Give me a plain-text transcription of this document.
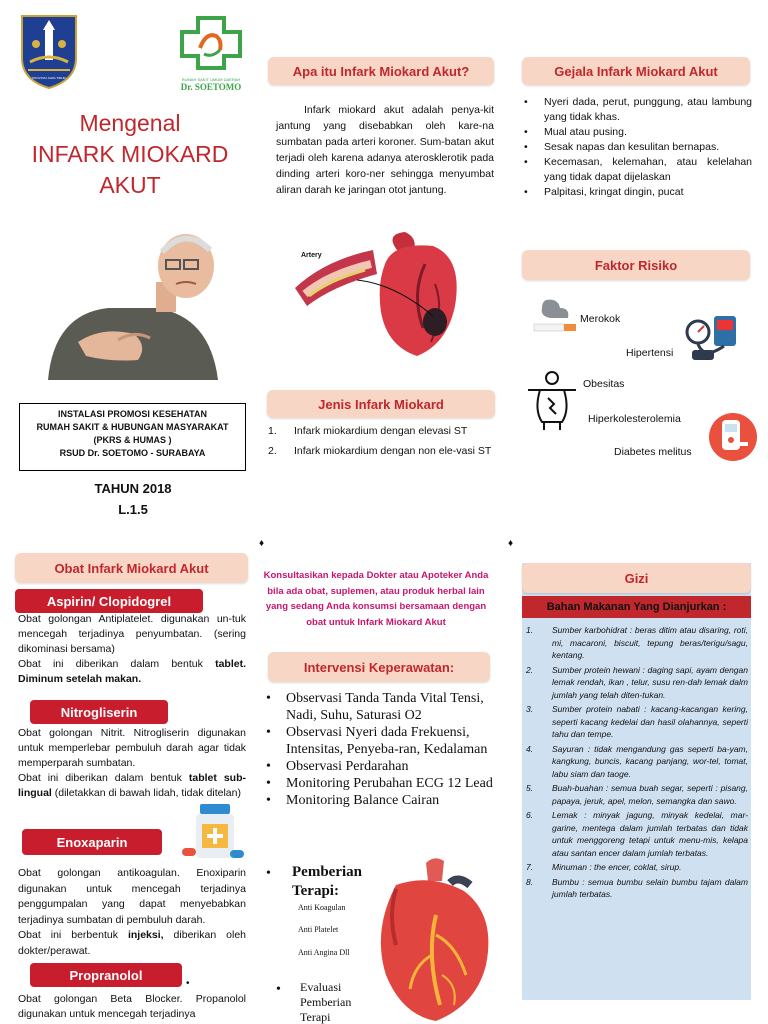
PROVINSI JAWA TIMUR	RUMAH SAKIT UMUM DAERAH
Dr. SOETOMO
Mengenal
INFARK MIOKARD
AKUT
INSTALASI PROMOSI KESEHATAN
RUMAH SAKIT & HUBUNGAN MASYARAKAT
(PKRS & HUMAS )
RSUD Dr. SOETOMO - SURABAYA
TAHUN 2018
L.1.5
Apa itu Infark Miokard Akut?
Infark miokard akut adalah penya-kit jantung yang disebabkan oleh kare-na sumbatan pada arteri koroner. Sum-batan akut terjadi oleh karena adanya aterosklerotik pada dinding arteri koro-ner sehingga menyumbat aliran darah ke jaringan otot jantung.
Artery
Jenis Infark Miokard
1. Infark miokardium dengan elevasi ST
2. Infark miokardium dengan non ele-vasi ST
Gejala Infark Miokard Akut
• Nyeri dada, perut, punggung, atau lambung yang tidak khas.
• Mual atau pusing.
• Sesak napas dan kesulitan bernapas.
• Kecemasan, kelemahan, atau kelelahan yang tidak dapat dijelaskan
• Palpitasi, kringat dingin, pucat
Faktor Risiko
Merokok
Hipertensi
Obesitas
Hiperkolesterolemia
Diabetes melitus
♦	♦
Obat Infark Miokard Akut
Aspirin/ Clopidogrel
Obat golongan Antiplatelet. digunakan un-tuk mencegah terjadinya penyumbatan. (sering dikominasi bersama)
Obat ini diberikan dalam bentuk tablet. Diminum setelah makan.
Nitrogliserin
Obat golongan Nitrit. Nitrogliserin digunakan untuk memperlebar pembuluh darah agar tidak memperparah sumbatan.
Obat ini diberikan dalam bentuk tablet sub-lingual (diletakkan di bawah lidah, tidak ditelan)
Enoxaparin
Obat golongan antikoagulan. Enoxiparin digunakan untuk mencegah terjadinya penggumpalan yang dapat menyebabkan terjadinya sumbatan di pembuluh darah.
Obat ini berbentuk injeksi, diberikan oleh dokter/perawat.
Propranolol
•
Obat golongan Beta Blocker. Propanolol digunakan untuk mencegah terjadinya
Konsultasikan kepada Dokter atau Apoteker Anda bila ada obat, suplemen, atau produk herbal lain yang sedang Anda konsumsi bersamaan dengan obat untuk Infark Miokard Akut
Intervensi Keperawatan:
• Observasi Tanda Tanda Vital Tensi, Nadi, Suhu, Saturasi O2
• Observasi Nyeri dada Frekuensi, Intensitas, Penyeba-ran, Kedalaman
• Observasi Perdarahan
• Monitoring Perubahan ECG 12 Lead
• Monitoring Balance Cairan
• Pemberian Terapi:
Anti Koagulan
Anti Platelet
Anti Angina Dll
• Evaluasi Pemberian Terapi
Gizi
Bahan Makanan Yang Dianjurkan :
1. Sumber karbohidrat : beras ditim atau disaring, roti, mi, macaroni, biscuit, tepung beras/terigu/sagu, kentang.
2. Sumber protein hewani : daging sapi, ayam dengan lemak rendah, ikan , telur, susu ren-dah lemak dalm jumlah yang telah diten-tukan.
3. Sumber protein nabati : kacang-kacangan kering, seperti kacang kedelai dan hasil olahannya, seperti tahu dan tempe.
4. Sayuran : tidak mengandung gas seperti ba-yam, kangkung, buncis, kacang panjang, wor-tel, tomat, labu siam dan taoge.
5. Buah-buahan : semua buah segar, seperti : pisang, papaya, jeruk, apel, melon, semangka dan sawo.
6. Lemak : minyak jagung, minyak kedelai, mar-garine, mentega dalam jumlah terbatas dan tidak untuk menggoreng tetapi untuk menu-mis, kelapa atau santan encer dalam jumlah terbatas.
7. Minuman : the encer, coklat, sirup.
8. Bumbu : semua bumbu selain bumbu tajam dalam jumlah terbatas.
